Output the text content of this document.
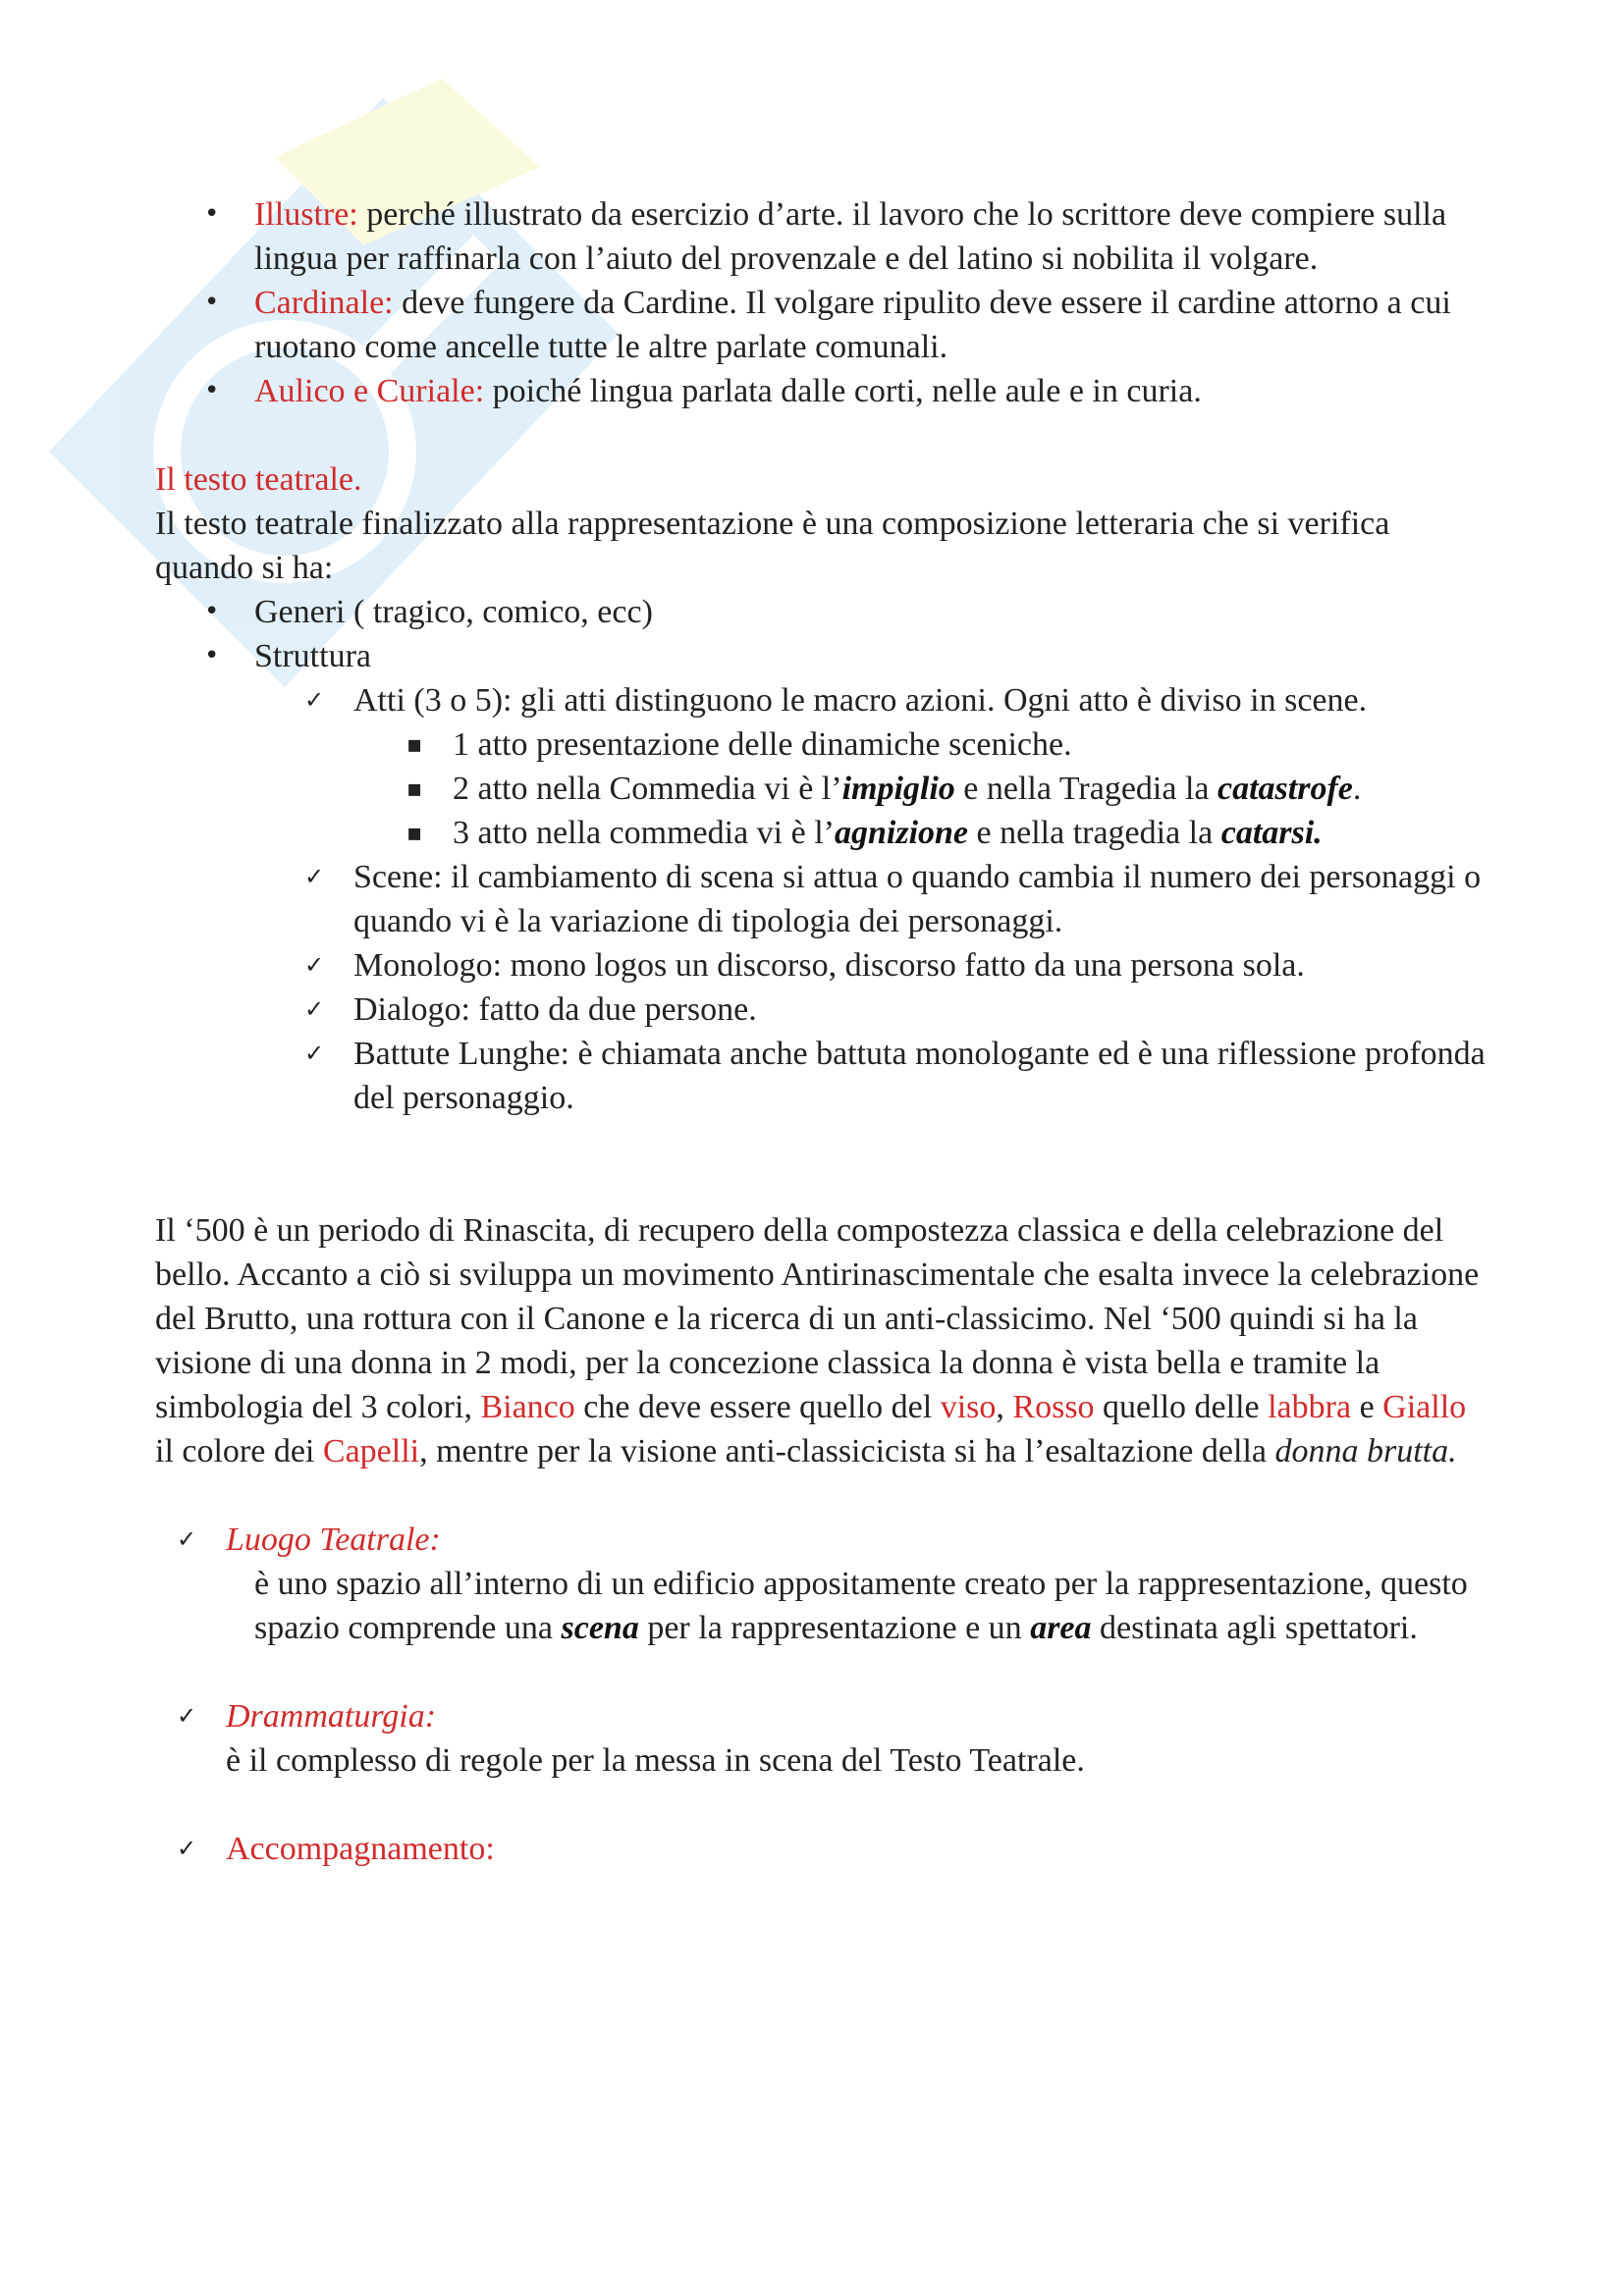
• Illustre: perché illustrato da esercizio d’arte. il lavoro che lo scrittore deve compiere sulla lingua per raffinarla con l’aiuto del provenzale e del latino si nobilita il volgare.
• Cardinale: deve fungere da Cardine. Il volgare ripulito deve essere il cardine attorno a cui ruotano come ancelle tutte le altre parlate comunali.
• Aulico e Curiale: poiché lingua parlata dalle corti, nelle aule e in curia.

Il testo teatrale.

Il testo teatrale finalizzato alla rappresentazione è una composizione letteraria che si verifica quando si ha:

• Generi ( tragico, comico, ecc)
• Struttura
✓ Atti (3 o 5): gli atti distinguono le macro azioni. Ogni atto è diviso in scene.
▪ 1 atto presentazione delle dinamiche sceniche.
▪ 2 atto nella Commedia vi è l’impiglio e nella Tragedia la catastrofe.
▪ 3 atto nella commedia vi è l’agnizione e nella tragedia la catarsi.
✓ Scene: il cambiamento di scena si attua o quando cambia il numero dei personaggi o quando vi è la variazione di tipologia dei personaggi.
✓ Monologo: mono logos un discorso, discorso fatto da una persona sola.
✓ Dialogo: fatto da due persone.
✓ Battute Lunghe: è chiamata anche battuta monologante ed è una riflessione profonda del personaggio.

Il ‘500 è un periodo di Rinascita, di recupero della compostezza classica e della celebrazione del bello. Accanto a ciò si sviluppa un movimento Antirinascimentale che esalta invece la celebrazione del Brutto, una rottura con il Canone e la ricerca di un anti-classicimo. Nel ‘500 quindi si ha la visione di una donna in 2 modi, per la concezione classica la donna è vista bella e tramite la simbologia del 3 colori, Bianco che deve essere quello del viso, Rosso quello delle labbra e Giallo il colore dei Capelli, mentre per la visione anti-classicicista si ha l’esaltazione della donna brutta.

✓ Luogo Teatrale:

è uno spazio all’interno di un edificio appositamente creato per la rappresentazione, questo spazio comprende una scena per la rappresentazione e un area destinata agli spettatori.

✓ Drammaturgia:

è il complesso di regole per la messa in scena del Testo Teatrale.

✓ Accompagnamento:
